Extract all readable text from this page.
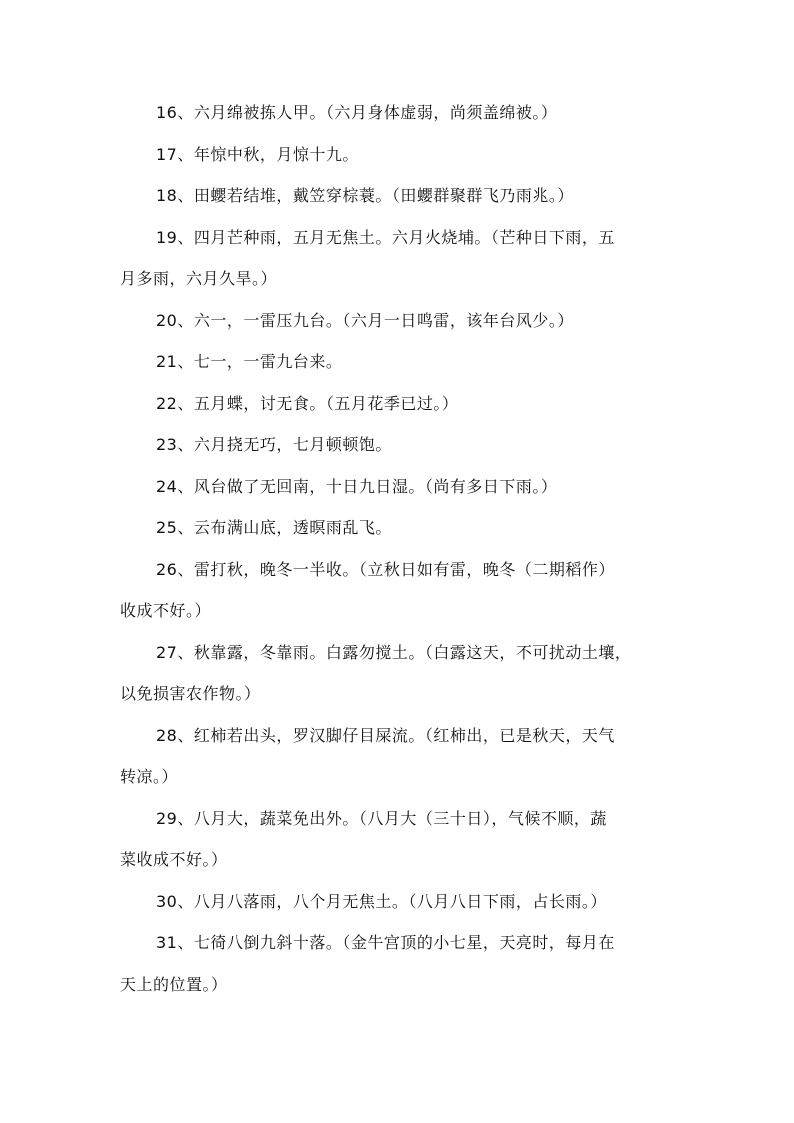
16、六月绵被拣人甲。（六月身体虚弱，尚须盖绵被。）
17、年惊中秋，月惊十九。
18、田蠳若结堆，戴笠穿棕蓑。（田蠳群聚群飞乃雨兆。）
19、四月芒种雨，五月无焦土。六月火烧埔。（芒种日下雨，五
月多雨，六月久旱。）
20、六一，一雷压九台。（六月一日鸣雷，该年台风少。）
21、七一，一雷九台来。
22、五月蝶，讨无食。（五月花季已过。）
23、六月挠无巧，七月顿顿饱。
24、风台做了无回南，十日九日湿。（尚有多日下雨。）
25、云布满山底，透暝雨乱飞。
26、雷打秋，晚冬一半收。（立秋日如有雷，晚冬（二期稻作）
收成不好。）
27、秋靠露，冬靠雨。白露勿搅土。（白露这天，不可扰动土壤，
以免损害农作物。）
28、红柿若出头，罗汉脚仔目屎流。（红柿出，已是秋天，天气
转凉。）
29、八月大，蔬菜免出外。（八月大（三十日），气候不顺，蔬
菜收成不好。）
30、八月八落雨，八个月无焦土。（八月八日下雨，占长雨。）
31、七徛八倒九斜十落。（金牛宫顶的小七星，天亮时，每月在
天上的位置。）
